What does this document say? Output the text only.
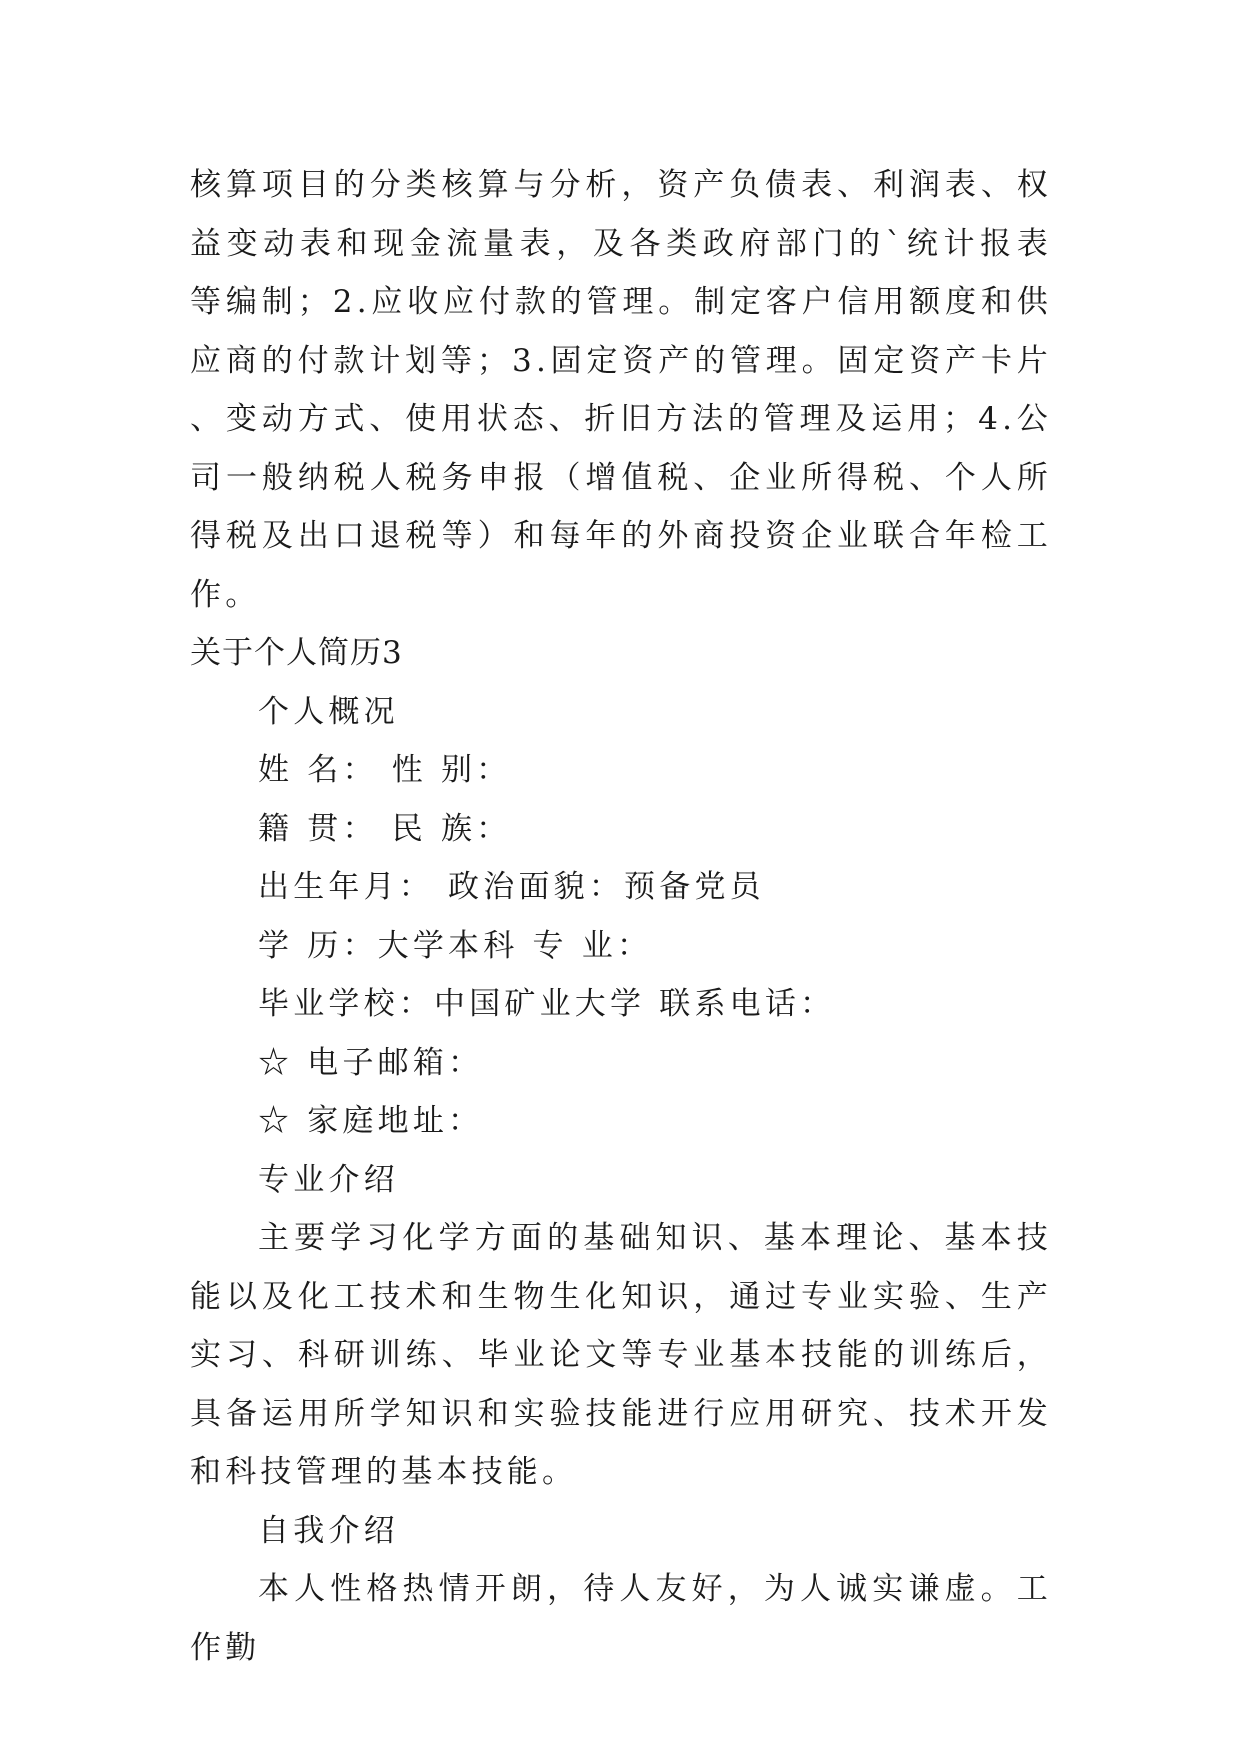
核算项目的分类核算与分析，资产负债表、利润表、权益变动表和现金流量表，及各类政府部门的`统计报表等编制；2.应收应付款的管理。制定客户信用额度和供应商的付款计划等；3.固定资产的管理。固定资产卡片、变动方式、使用状态、折旧方法的管理及运用；4.公司一般纳税人税务申报（增值税、企业所得税、个人所得税及出口退税等）和每年的外商投资企业联合年检工作。

关于个人简历3

个人概况

姓 名： 性 别：

籍 贯： 民 族：

出生年月： 政治面貌：预备党员

学 历：大学本科 专 业：

毕业学校：中国矿业大学 联系电话：

☆ 电子邮箱：

☆ 家庭地址：

专业介绍

主要学习化学方面的基础知识、基本理论、基本技能以及化工技术和生物生化知识，通过专业实验、生产实习、科研训练、毕业论文等专业基本技能的训练后，具备运用所学知识和实验技能进行应用研究、技术开发和科技管理的基本技能。

自我介绍

本人性格热情开朗，待人友好，为人诚实谦虚。工作勤
